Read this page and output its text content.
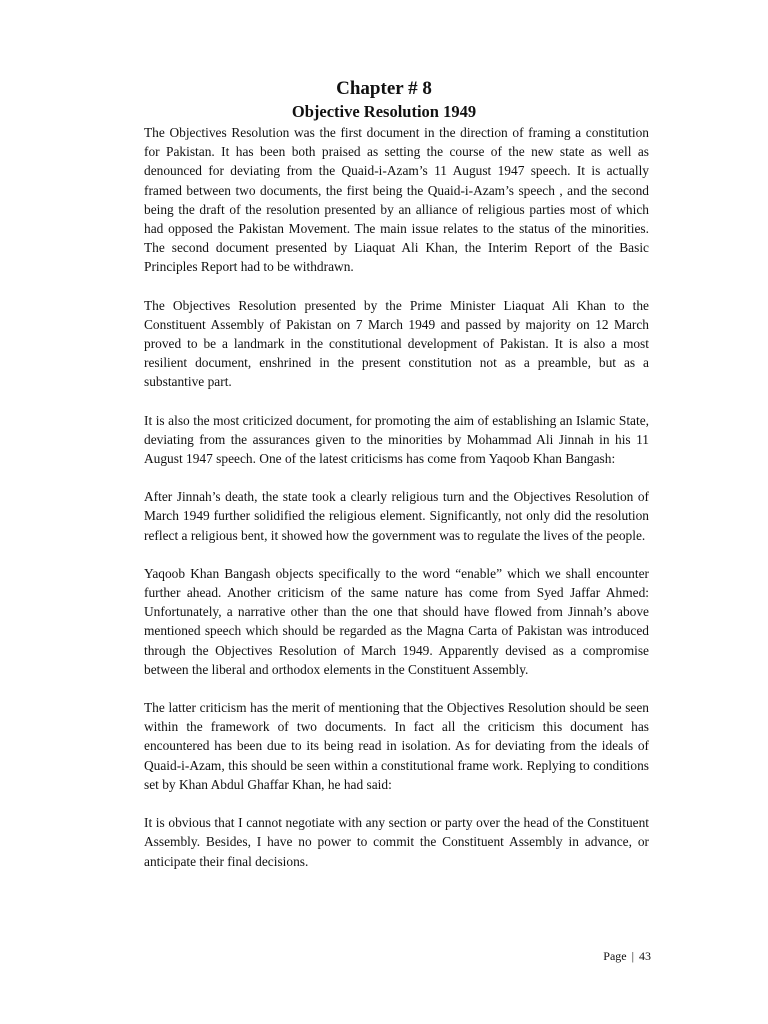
Chapter # 8
Objective Resolution 1949

The Objectives Resolution was the first document in the direction of framing a constitution for Pakistan. It has been both praised as setting the course of the new state as well as denounced for deviating from the Quaid-i-Azam’s 11 August 1947 speech. It is actually framed between two documents, the first being the Quaid-i-Azam’s speech , and the second being the draft of the resolution presented by an alliance of religious parties most of which had opposed the Pakistan Movement. The main issue relates to the status of the minorities. The second document presented by Liaquat Ali Khan, the Interim Report of the Basic Principles Report had to be withdrawn.

The Objectives Resolution presented by the Prime Minister Liaquat Ali Khan to the Constituent Assembly of Pakistan on 7 March 1949 and passed by majority on 12 March proved to be a landmark in the constitutional development of Pakistan. It is also a most resilient document, enshrined in the present constitution not as a preamble, but as a substantive part.

It is also the most criticized document, for promoting the aim of establishing an Islamic State, deviating from the assurances given to the minorities by Mohammad Ali Jinnah in his 11 August 1947 speech. One of the latest criticisms has come from Yaqoob Khan Bangash:

After Jinnah’s death, the state took a clearly religious turn and the Objectives Resolution of March 1949 further solidified the religious element. Significantly, not only did the resolution reflect a religious bent, it showed how the government was to regulate the lives of the people.

Yaqoob Khan Bangash objects specifically to the word “enable” which we shall encounter further ahead. Another criticism of the same nature has come from Syed Jaffar Ahmed: Unfortunately, a narrative other than the one that should have flowed from Jinnah’s above mentioned speech which should be regarded as the Magna Carta of Pakistan was introduced through the Objectives Resolution of March 1949. Apparently devised as a compromise between the liberal and orthodox elements in the Constituent Assembly.

The latter criticism has the merit of mentioning that the Objectives Resolution should be seen within the framework of two documents. In fact all the criticism this document has encountered has been due to its being read in isolation. As for deviating from the ideals of Quaid-i-Azam, this should be seen within a constitutional frame work. Replying to conditions set by Khan Abdul Ghaffar Khan, he had said:

It is obvious that I cannot negotiate with any section or party over the head of the Constituent Assembly. Besides, I have no power to commit the Constituent Assembly in advance, or anticipate their final decisions.

Page | 43
